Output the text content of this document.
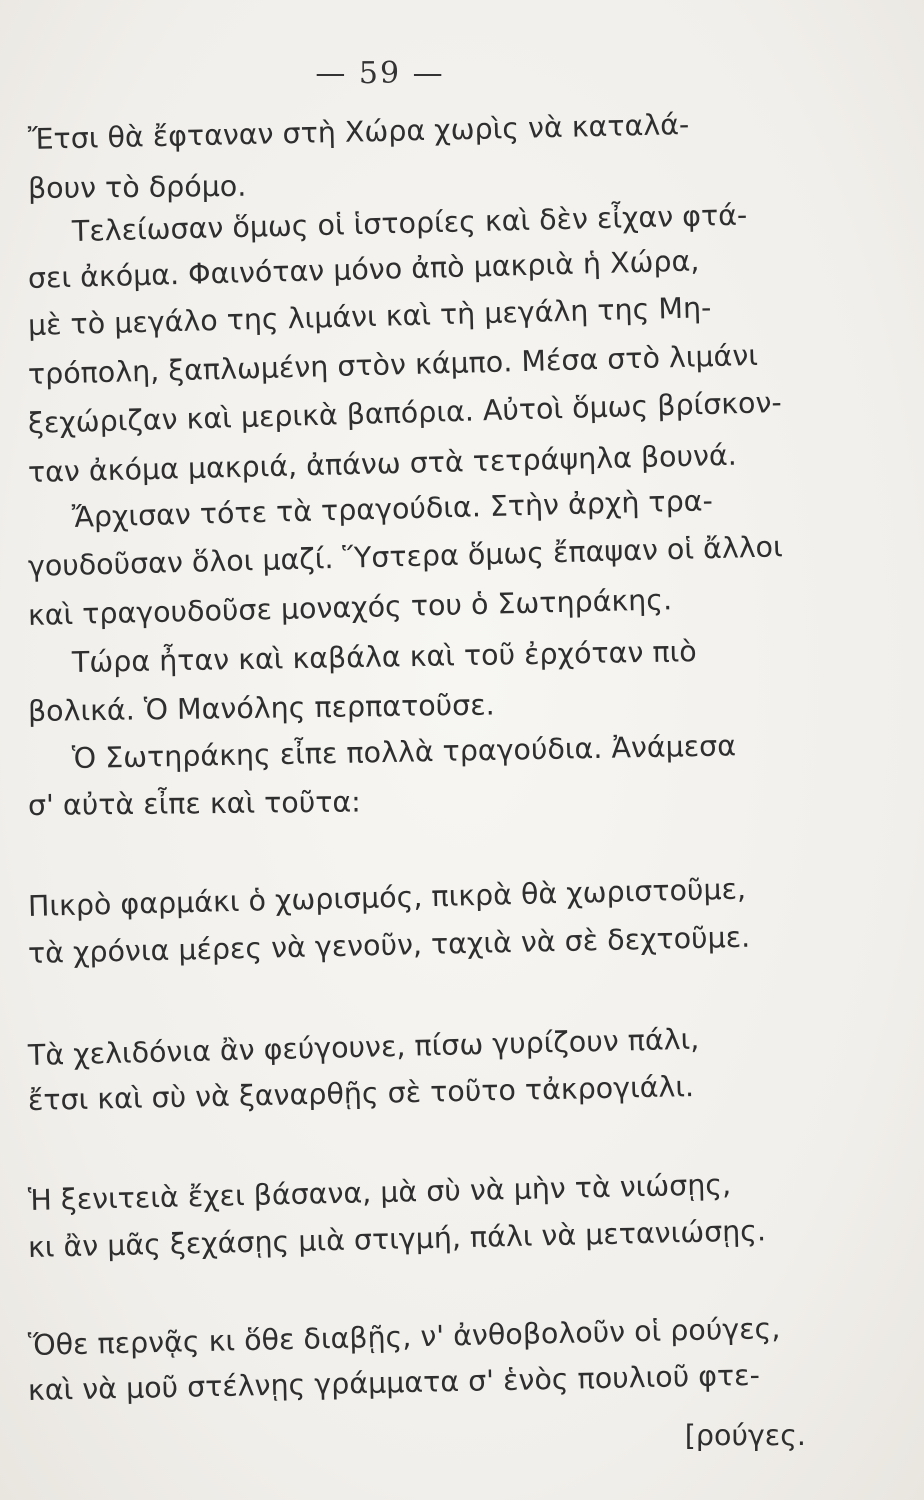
— 59 —
Ἔτσι θὰ ἔφταναν στὴ Χώρα χωρὶς νὰ καταλά-
βουν τὸ δρόμο.
Τελείωσαν ὅμως οἱ ἱστορίες καὶ δὲν εἶχαν φτά-
σει ἀκόμα. Φαινόταν μόνο ἀπὸ μακριὰ ἡ Χώρα,
μὲ τὸ μεγάλο της λιμάνι καὶ τὴ μεγάλη της Μη-
τρόπολη, ξαπλωμένη στὸν κάμπο. Μέσα στὸ λιμάνι
ξεχώριζαν καὶ μερικὰ βαπόρια. Αὐτοὶ ὅμως βρίσκον-
ταν ἀκόμα μακριά, ἀπάνω στὰ τετράψηλα βουνά.
Ἄρχισαν τότε τὰ τραγούδια. Στὴν ἀρχὴ τρα-
γουδοῦσαν ὅλοι μαζί. Ὕστερα ὅμως ἔπαψαν οἱ ἄλλοι
καὶ τραγουδοῦσε μοναχός του ὁ Σωτηράκης.
Τώρα ἦταν καὶ καβάλα καὶ τοῦ ἐρχόταν πιὸ
βολικά. Ὁ Μανόλης περπατοῦσε.
Ὁ Σωτηράκης εἶπε πολλὰ τραγούδια. Ἀνάμεσα
σ' αὐτὰ εἶπε καὶ τοῦτα:
Πικρὸ φαρμάκι ὁ χωρισμός, πικρὰ θὰ χωριστοῦμε,
τὰ χρόνια μέρες νὰ γενοῦν, ταχιὰ νὰ σὲ δεχτοῦμε.
Τὰ χελιδόνια ἂν φεύγουνε, πίσω γυρίζουν πάλι,
ἔτσι καὶ σὺ νὰ ξαναρθῇς σὲ τοῦτο τἀκρογιάλι.
Ἡ ξενιτειὰ ἔχει βάσανα, μὰ σὺ νὰ μὴν τὰ νιώσῃς,
κι ἂν μᾶς ξεχάσῃς μιὰ στιγμή, πάλι νὰ μετανιώσῃς.
Ὅθε περνᾷς κι ὅθε διαβῇς, ν' ἀνθοβολοῦν οἱ ρούγες,
καὶ νὰ μοῦ στέλνῃς γράμματα σ' ἑνὸς πουλιοῦ φτε-
[ρούγες.
